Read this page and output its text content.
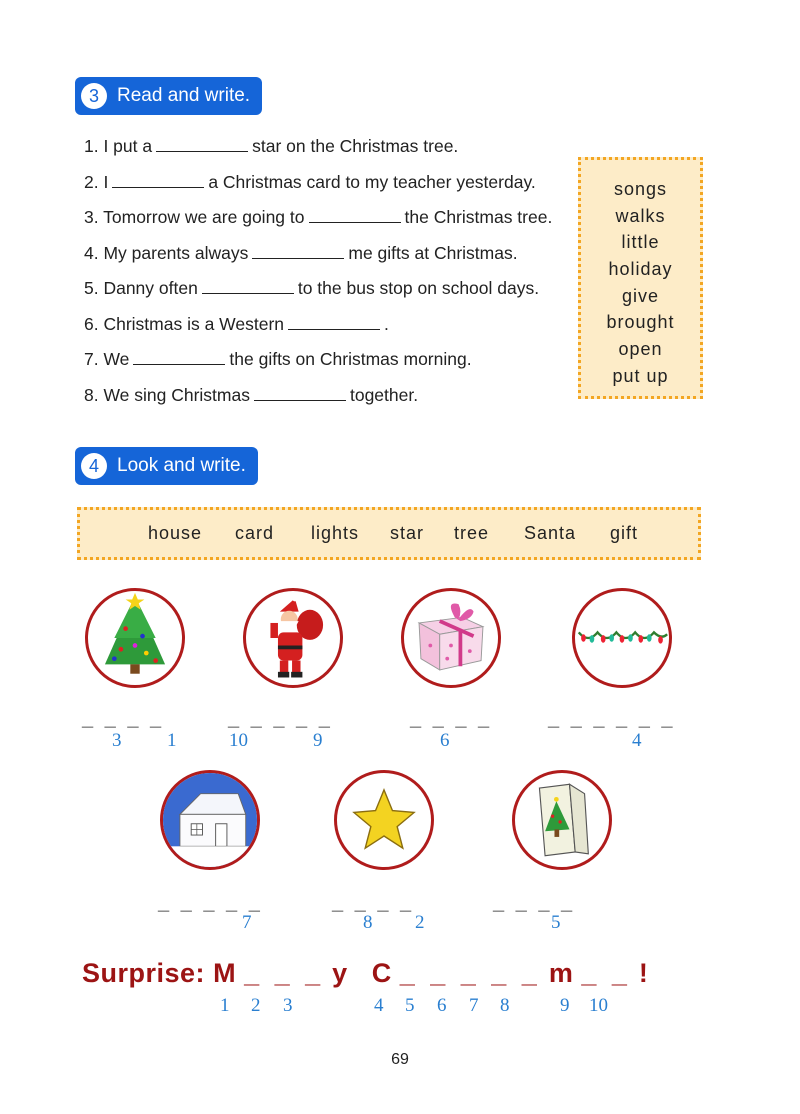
3 Read and write.
1. I put a	star on the Christmas tree.
2. I	a Christmas card to my teacher yesterday.
3. Tomorrow we are going to	the Christmas tree.
4. My parents always	me gifts at Christmas.
5. Danny often	to the bus stop on school days.
6. Christmas is a Western	.
7. We	the gifts on Christmas morning.
8. We sing Christmas	together.
songs
walks
little
holiday
give
brought
open
put up
4 Look and write.
house card lights star tree Santa gift
_ _ _ _
3 1
_ _ _ _ _
10	9
_ _ _ _
6
_ _ _ _ _ _
4
_ _ _ _ _
7
_ _ _ _
8 2
_ _ _ _
5
Surprise: M _ _ _ y C _ _ _ _ _ m _ _ !
1 2 3	4 5 6 7 8	9 10
69
